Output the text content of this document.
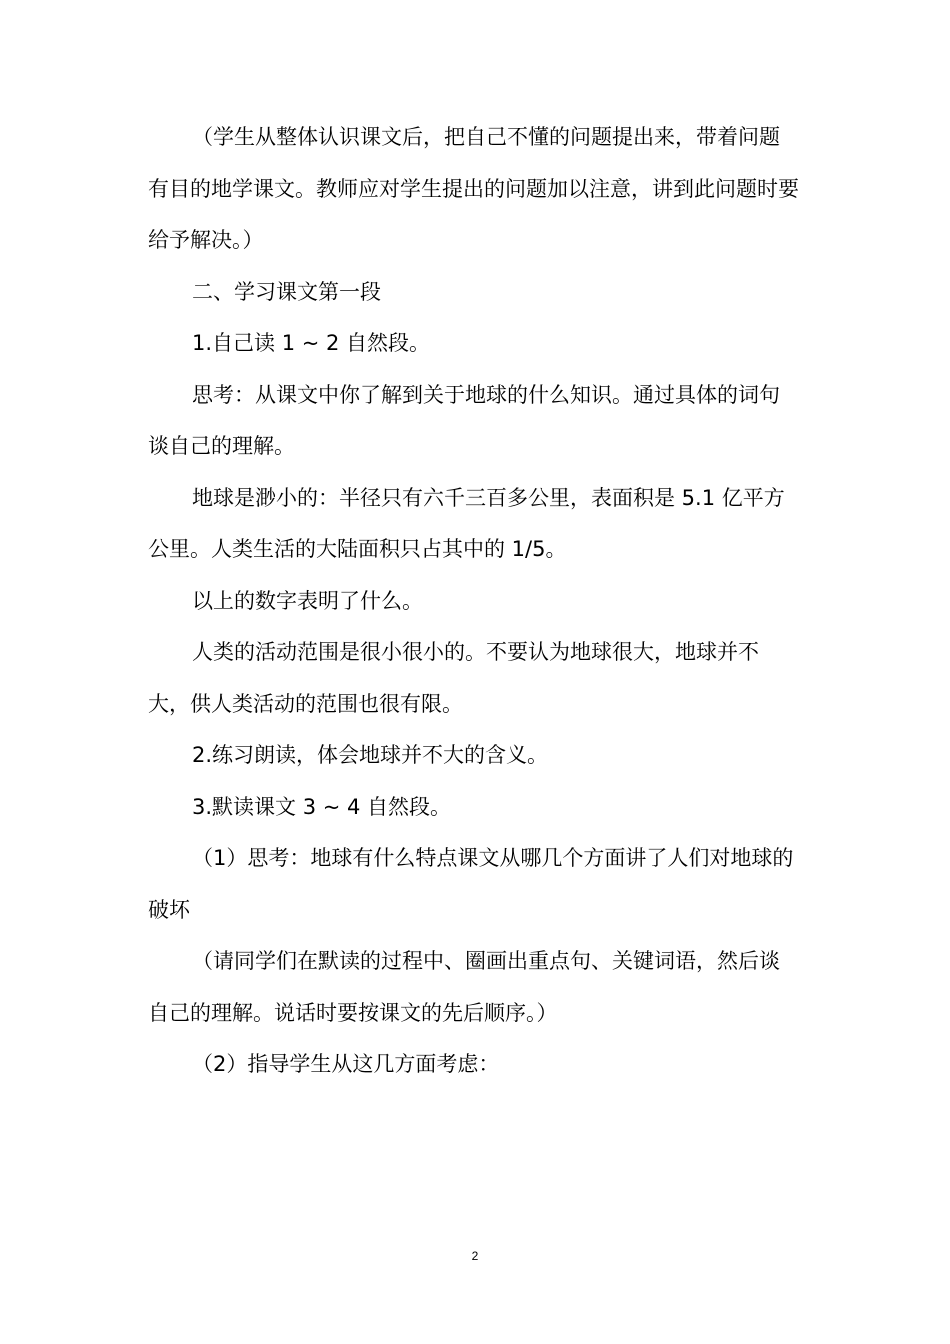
（学生从整体认识课文后，把自己不懂的问题提出来，带着问题有目的地学课文。教师应对学生提出的问题加以注意，讲到此问题时要给予解决。）

二、学习课文第一段

1.自己读 1 ~ 2 自然段。

思考：从课文中你了解到关于地球的什么知识。通过具体的词句谈自己的理解。

地球是渺小的：半径只有六千三百多公里，表面积是 5.1 亿平方公里。人类生活的大陆面积只占其中的 1/5。

以上的数字表明了什么。

人类的活动范围是很小很小的。不要认为地球很大，地球并不大，供人类活动的范围也很有限。

2.练习朗读，体会地球并不大的含义。

3.默读课文 3 ~ 4 自然段。

（1）思考：地球有什么特点课文从哪几个方面讲了人们对地球的破坏

（请同学们在默读的过程中、圈画出重点句、关键词语，然后谈自己的理解。说话时要按课文的先后顺序。）

（2）指导学生从这几方面考虑：

2
